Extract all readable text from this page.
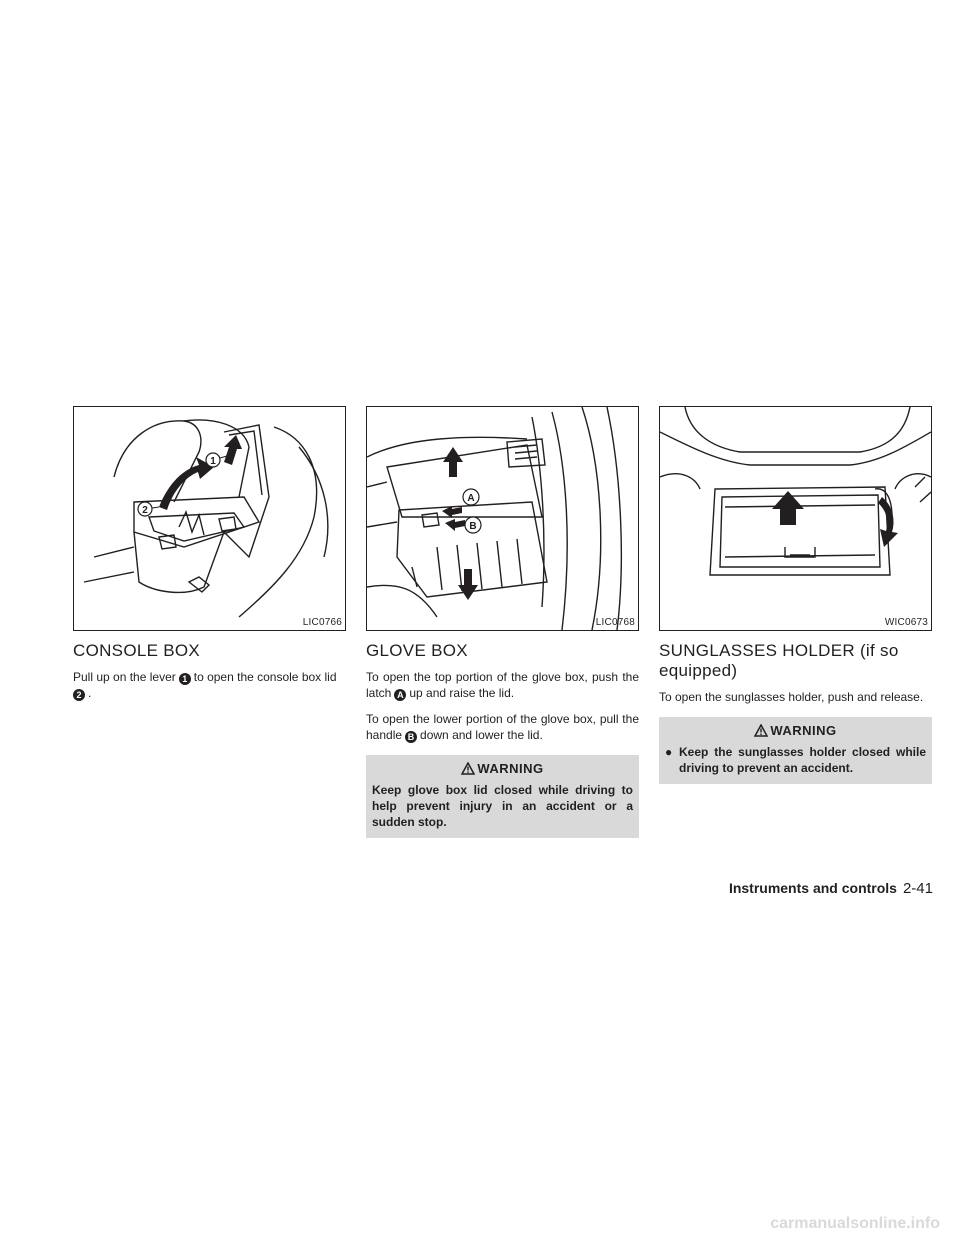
1
2
LIC0766
CONSOLE BOX

Pull up on the lever 1 to open the console box lid
2 .

A
B
LIC0768
GLOVE BOX

To open the top portion of the glove box, push the latch A up and raise the lid.

To open the lower portion of the glove box, pull the handle B down and lower the lid.

WARNING
Keep glove box lid closed while driving to help prevent injury in an accident or a sudden stop.
WIC0673
SUNGLASSES HOLDER (if so equipped)

To open the sunglasses holder, push and release.

WARNING
● Keep the sunglasses holder closed while driving to prevent an accident.
Instruments and controls 2-41
carmanualsonline.info
